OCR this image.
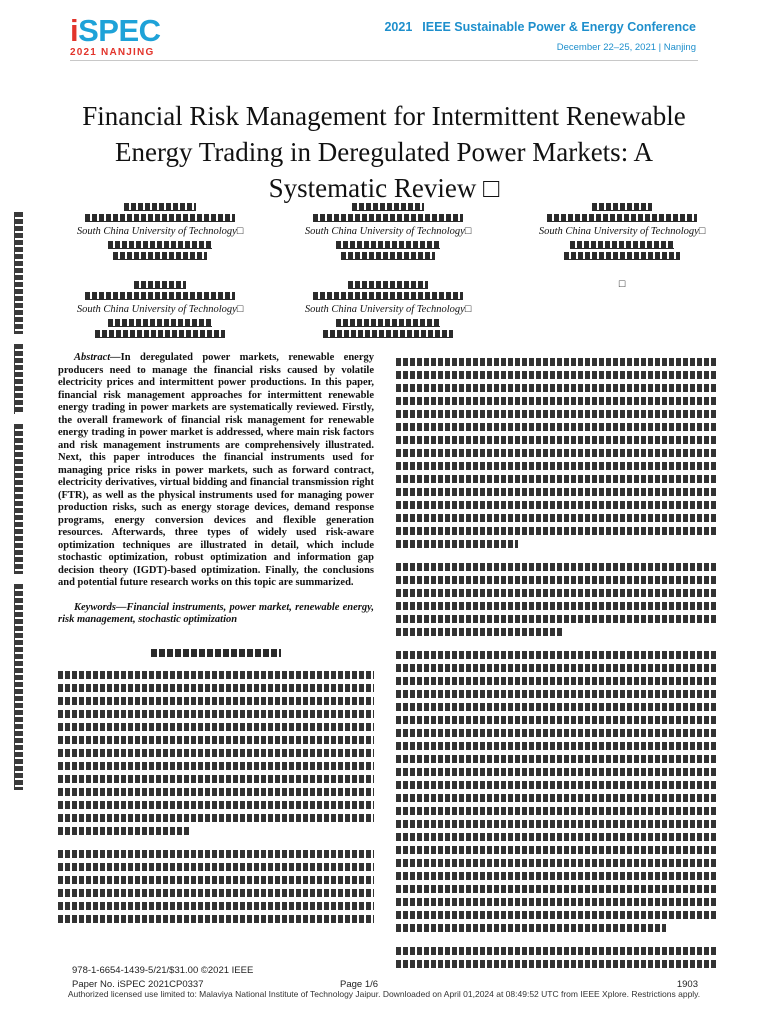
iSPEC
2021 NANJING
2021 IEEE Sustainable Power & Energy Conference
December 22–25, 2021 | Nanjing
Financial Risk Management for Intermittent Renewable Energy Trading in Deregulated Power Markets: A Systematic Review □
South China University of Technology□	South China University of Technology□	South China University of Technology□
South China University of Technology□	South China University of Technology□
□

Abstract—In deregulated power markets, renewable energy producers need to manage the financial risks caused by volatile electricity prices and intermittent power productions. In this paper, financial risk management approaches for intermittent renewable energy trading in power markets are systematically reviewed. Firstly, the overall framework of financial risk management for renewable energy trading in power market is addressed, where main risk factors and risk management instruments are comprehensively illustrated. Next, this paper introduces the financial instruments used for managing price risks in power markets, such as forward contract, electricity derivatives, virtual bidding and financial transmission right (FTR), as well as the physical instruments used for managing power production risks, such as energy storage devices, demand response programs, energy conversion devices and flexible generation resources. Afterwards, three types of widely used risk-aware optimization techniques are illustrated in detail, which include stochastic optimization, robust optimization and information gap decision theory (IGDT)-based optimization. Finally, the conclusions and potential future research works on this topic are summarized.

Keywords—Financial instruments, power market, renewable energy, risk management, stochastic optimization

978-1-6654-1439-5/21/$31.00 ©2021 IEEE
Paper No. iSPEC 2021CP0337	Page 1/6	1903
Authorized licensed use limited to: Malaviya National Institute of Technology Jaipur. Downloaded on April 01,2024 at 08:49:52 UTC from IEEE Xplore. Restrictions apply.
